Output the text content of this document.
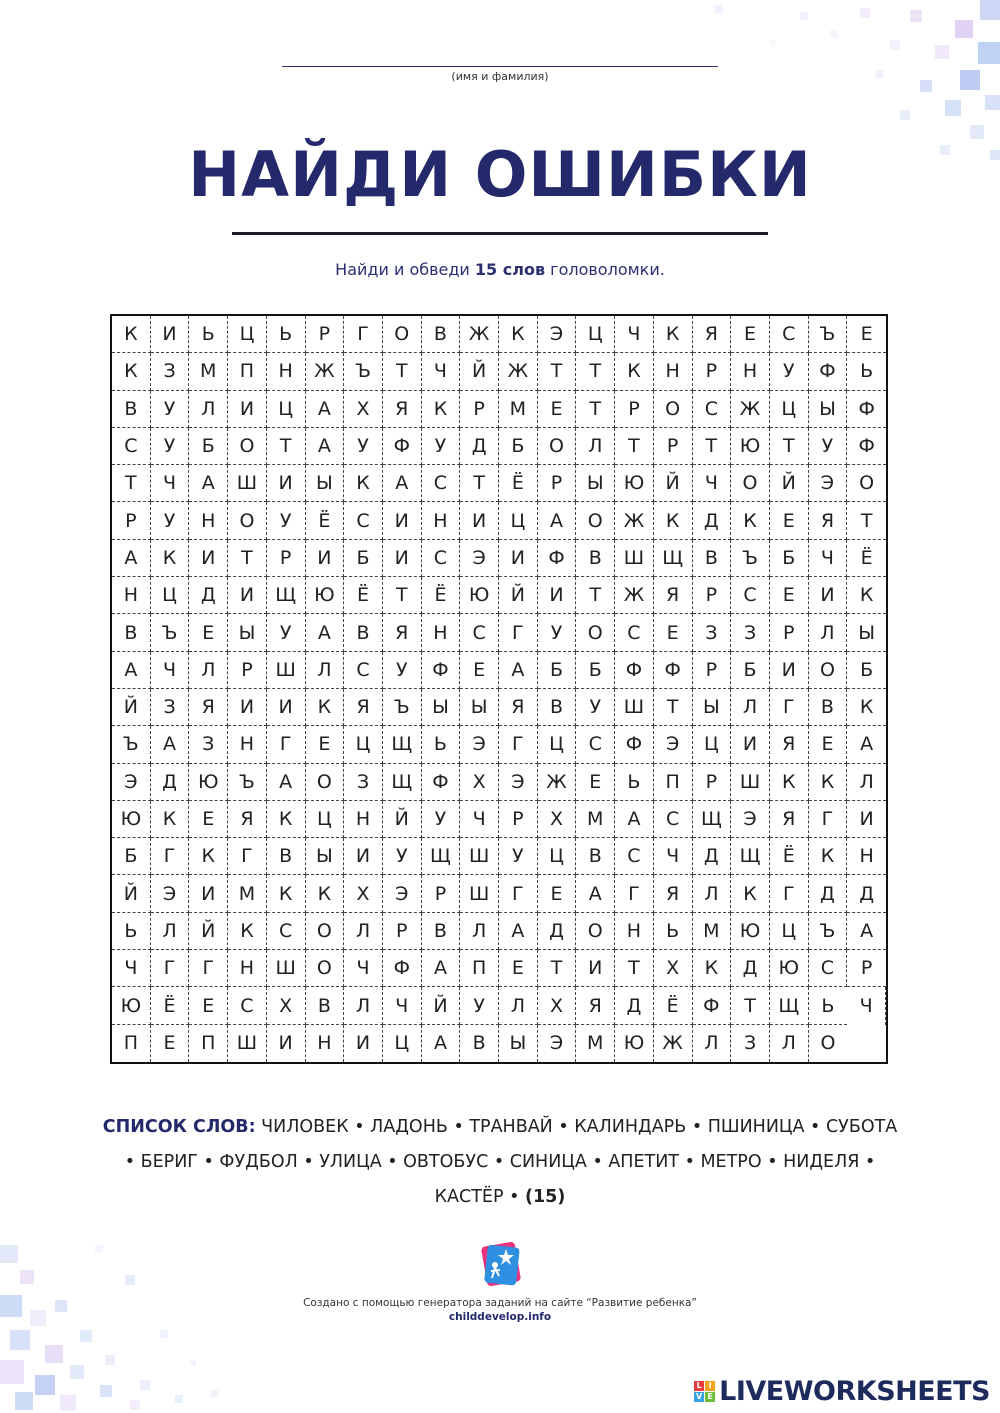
(имя и фамилия)
НАЙДИ ОШИБКИ
Найди и обведи 15 слов головоломки.
К	И	Ь	Ц	Ь	Р	Г	О	В	Ж	К	Э	Ц	Ч	К	Я	Е	С	Ъ	Е
К	З	М	П	Н	Ж	Ъ	Т	Ч	Й	Ж	Т	Т	К	Н	Р	Н	У	Ф	Ь
В	У	Л	И	Ц	А	Х	Я	К	Р	М	Е	Т	Р	О	С	Ж	Ц	Ы	Ф
С	У	Б	О	Т	А	У	Ф	У	Д	Б	О	Л	Т	Р	Т	Ю	Т	У	Ф
Т	Ч	А	Ш	И	Ы	К	А	С	Т	Ё	Р	Ы	Ю	Й	Ч	О	Й	Э	О
Р	У	Н	О	У	Ё	С	И	Н	И	Ц	А	О	Ж	К	Д	К	Е	Я	Т
А	К	И	Т	Р	И	Б	И	С	Э	И	Ф	В	Ш Щ	В	Ъ	Б	Ч	Ё
Н	Ц	Д	И	Щ Ю	Ё	Т	Ё	Ю	Й	И	Т	Ж	Я	Р	С	Е	И	К
В	Ъ	Е	Ы	У	А	В	Я	Н	С	Г	У	О	С	Е	З	З	Р	Л	Ы
А	Ч	Л	Р	Ш	Л	С	У	Ф	Е	А	Б	Б	Ф	Ф	Р	Б	И	О	Б
Й	З	Я	И	И	К	Я	Ъ	Ы	Ы	Я	В	У	Ш	Т	Ы	Л	Г	В	К
Ъ	А	З	Н	Г	Е	Ц	Щ	Ь	Э	Г	Ц	С	Ф	Э	Ц	И	Я	Е	А
Э	Д	Ю	Ъ	А	О	З	Щ	Ф	Х	Э	Ж	Е	Ь	П	Р	Ш	К	К	Л
Ю	К	Е	Я	К	Ц	Н	Й	У	Ч	Р	Х	М	А	С	Щ	Э	Я	Г	И
Б	Г	К	Г	В	Ы	И	У	Щ Ш	У	Ц	В	С	Ч	Д	Щ	Ё	К	Н
Й	Э	И	М	К	К	Х	Э	Р	Ш	Г	Е	А	Г	Я	Л	К	Г	Д	Д
Ь	Л	Й	К	С	О	Л	Р	В	Л	А	Д	О	Н	Ь	М	Ю	Ц	Ъ	А
Ч	Г	Г	Н	Ш	О	Ч	Ф	А	П	Е	Т	И	Т	Х	К	Д	Ю	С	Р
Ю	Ё	Е	С	Х	В	Л	Ч	Й	У	Л	Х	Я	Д	Ё	Ф	Т	Щ	Ь	Ч
П	Е	П	Ш	И	Н	И	Ц	А	В	Ы	Э	М	Ю Ж	Л	З	Л	О
СПИСОК СЛОВ: ЧИЛОВЕК • ЛАДОНЬ • ТРАНВАЙ • КАЛИНДАРЬ • ПШИНИЦА • СУБОТА • БЕРИГ • ФУДБОЛ • УЛИЦА • ОВТОБУС • СИНИЦА • АПЕТИТ • МЕТРО • НИДЕЛЯ • КАСТЁР • (15)
Создано с помощью генератора заданий на сайте “Развитие ребенка”
childdevelop.info
L I
V E LIVEWORKSHEETS
